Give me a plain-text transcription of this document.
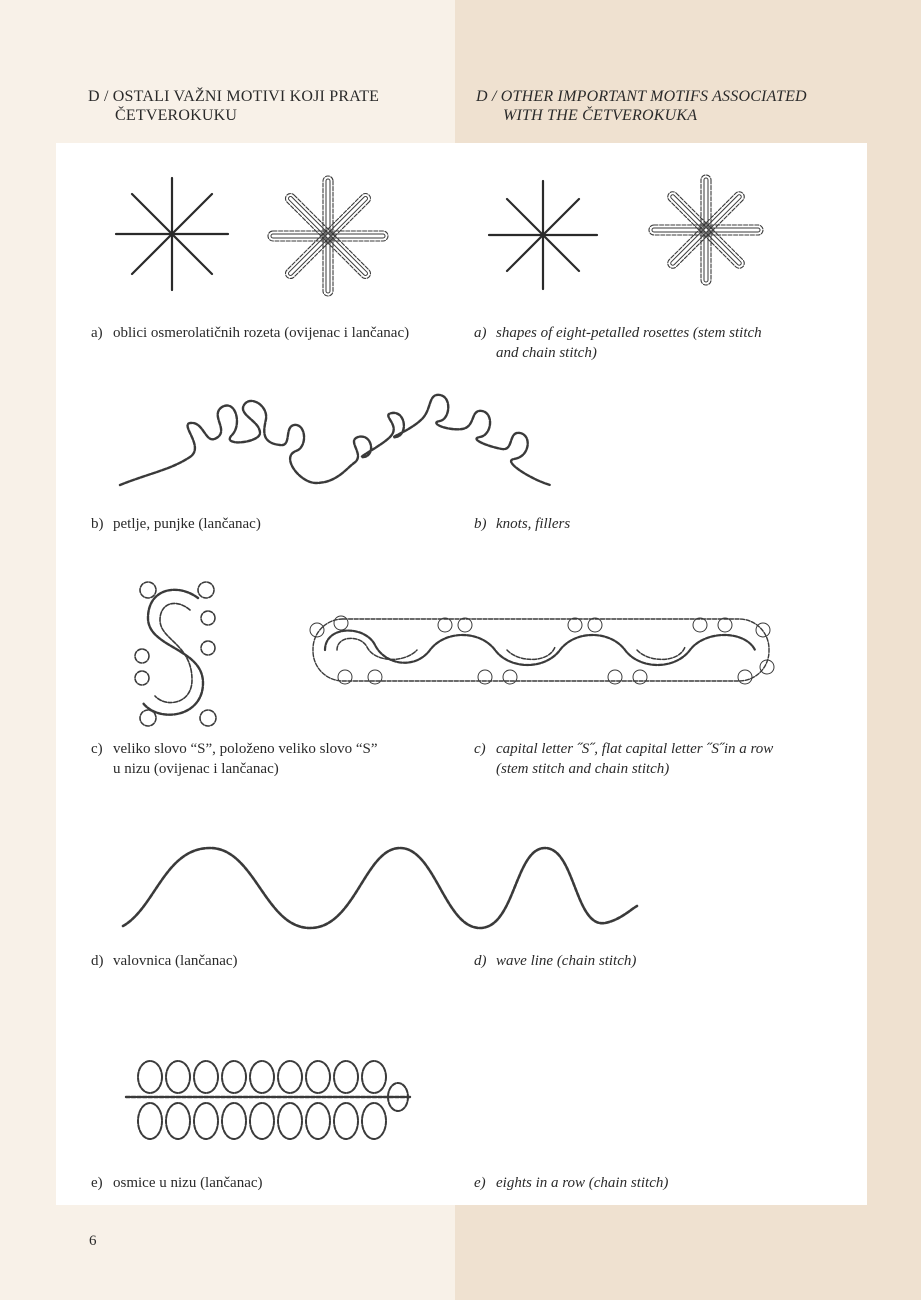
D / OSTALI VAŽNI MOTIVI KOJI PRATE
ČETVEROKUKU
D / OTHER IMPORTANT MOTIFS ASSOCIATED
WITH THE ČETVEROKUKA
a) oblici osmerolatičnih rozeta (ovijenac i lančanac)	a) shapes of eight-petalled rosettes (stem stitch
and chain stitch)
b) petlje, punjke (lančanac)	b) knots, fillers
c) veliko slovo “S”, položeno veliko slovo “S”
u nizu (ovijenac i lančanac)
c) capital letter ˝S˝, flat capital letter ˝S˝in a row
(stem stitch and chain stitch)
d) valovnica (lančanac)	d) wave line (chain stitch)
e) osmice u nizu (lančanac)	e) eights in a row (chain stitch)
6
